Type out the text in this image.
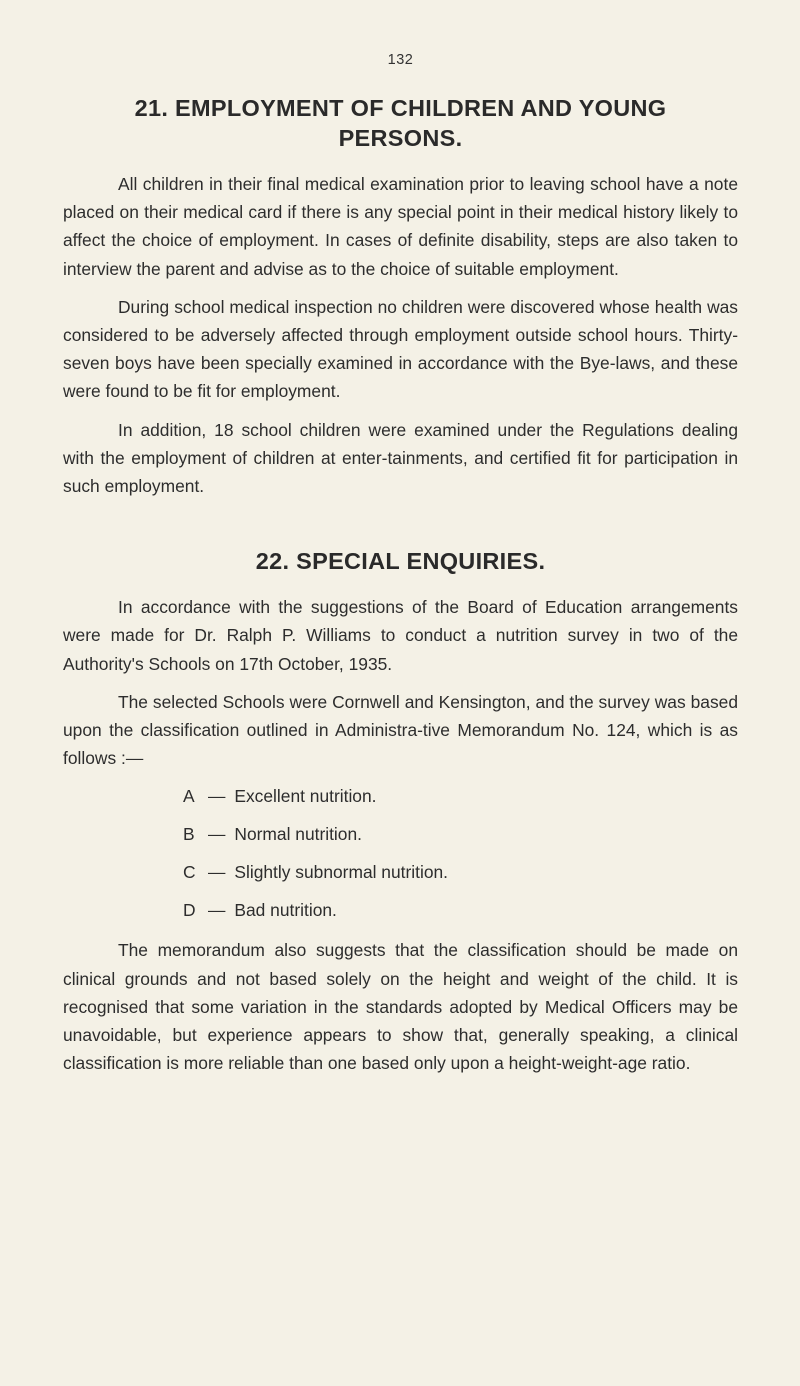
132
21. EMPLOYMENT OF CHILDREN AND YOUNG PERSONS.

All children in their final medical examination prior to leaving school have a note placed on their medical card if there is any special point in their medical history likely to affect the choice of employment. In cases of definite disability, steps are also taken to interview the parent and advise as to the choice of suitable employment.

During school medical inspection no children were discovered whose health was considered to be adversely affected through employment outside school hours. Thirty-seven boys have been specially examined in accordance with the Bye-laws, and these were found to be fit for employment.

In addition, 18 school children were examined under the Regulations dealing with the employment of children at enter-tainments, and certified fit for participation in such employment.

22. SPECIAL ENQUIRIES.

In accordance with the suggestions of the Board of Education arrangements were made for Dr. Ralph P. Williams to conduct a nutrition survey in two of the Authority's Schools on 17th October, 1935.

The selected Schools were Cornwell and Kensington, and the survey was based upon the classification outlined in Administra-tive Memorandum No. 124, which is as follows :—

A — Excellent nutrition.
B — Normal nutrition.
C — Slightly subnormal nutrition.
D — Bad nutrition.

The memorandum also suggests that the classification should be made on clinical grounds and not based solely on the height and weight of the child. It is recognised that some variation in the standards adopted by Medical Officers may be unavoidable, but experience appears to show that, generally speaking, a clinical classification is more reliable than one based only upon a height-weight-age ratio.
